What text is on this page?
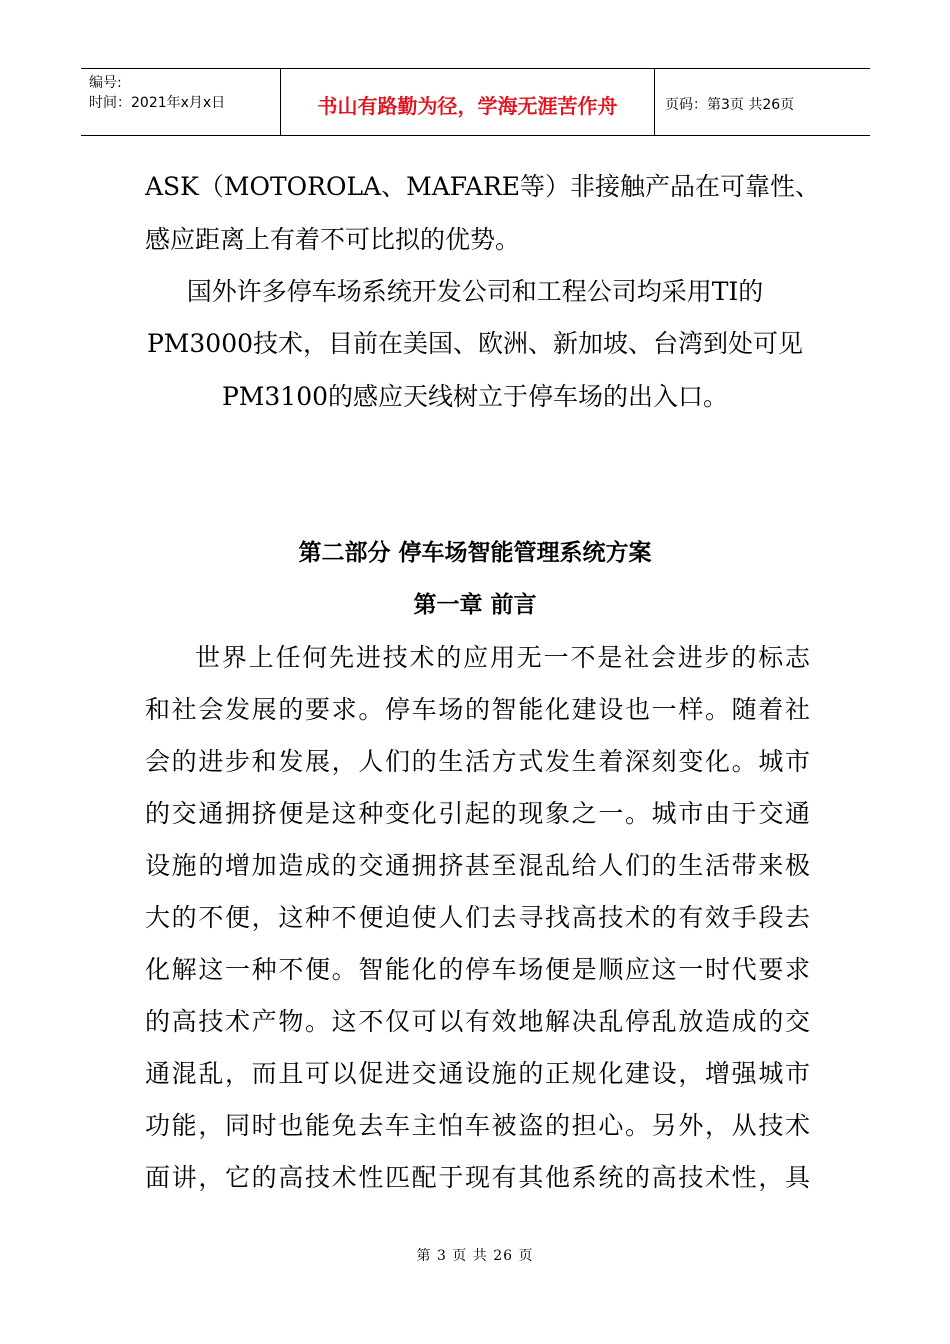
编号:
时间：2021年x月x日	书山有路勤为径，学海无涯苦作舟	页码：第3页 共26页
ASK（MOTOROLA、MAFARE等）非接触产品在可靠性、
感应距离上有着不可比拟的优势。
国外许多停车场系统开发公司和工程公司均采用TI的
PM3000技术，目前在美国、欧洲、新加坡、台湾到处可见
PM3100的感应天线树立于停车场的出入口。
第二部分 停车场智能管理系统方案
第一章 前言
世界上任何先进技术的应用无一不是社会进步的标志
和社会发展的要求。停车场的智能化建设也一样。随着社
会的进步和发展，人们的生活方式发生着深刻变化。城市
的交通拥挤便是这种变化引起的现象之一。城市由于交通
设施的增加造成的交通拥挤甚至混乱给人们的生活带来极
大的不便，这种不便迫使人们去寻找高技术的有效手段去
化解这一种不便。智能化的停车场便是顺应这一时代要求
的高技术产物。这不仅可以有效地解决乱停乱放造成的交
通混乱，而且可以促进交通设施的正规化建设，增强城市
功能，同时也能免去车主怕车被盗的担心。另外，从技术
面讲，它的高技术性匹配于现有其他系统的高技术性，具
第 3 页 共 26 页
